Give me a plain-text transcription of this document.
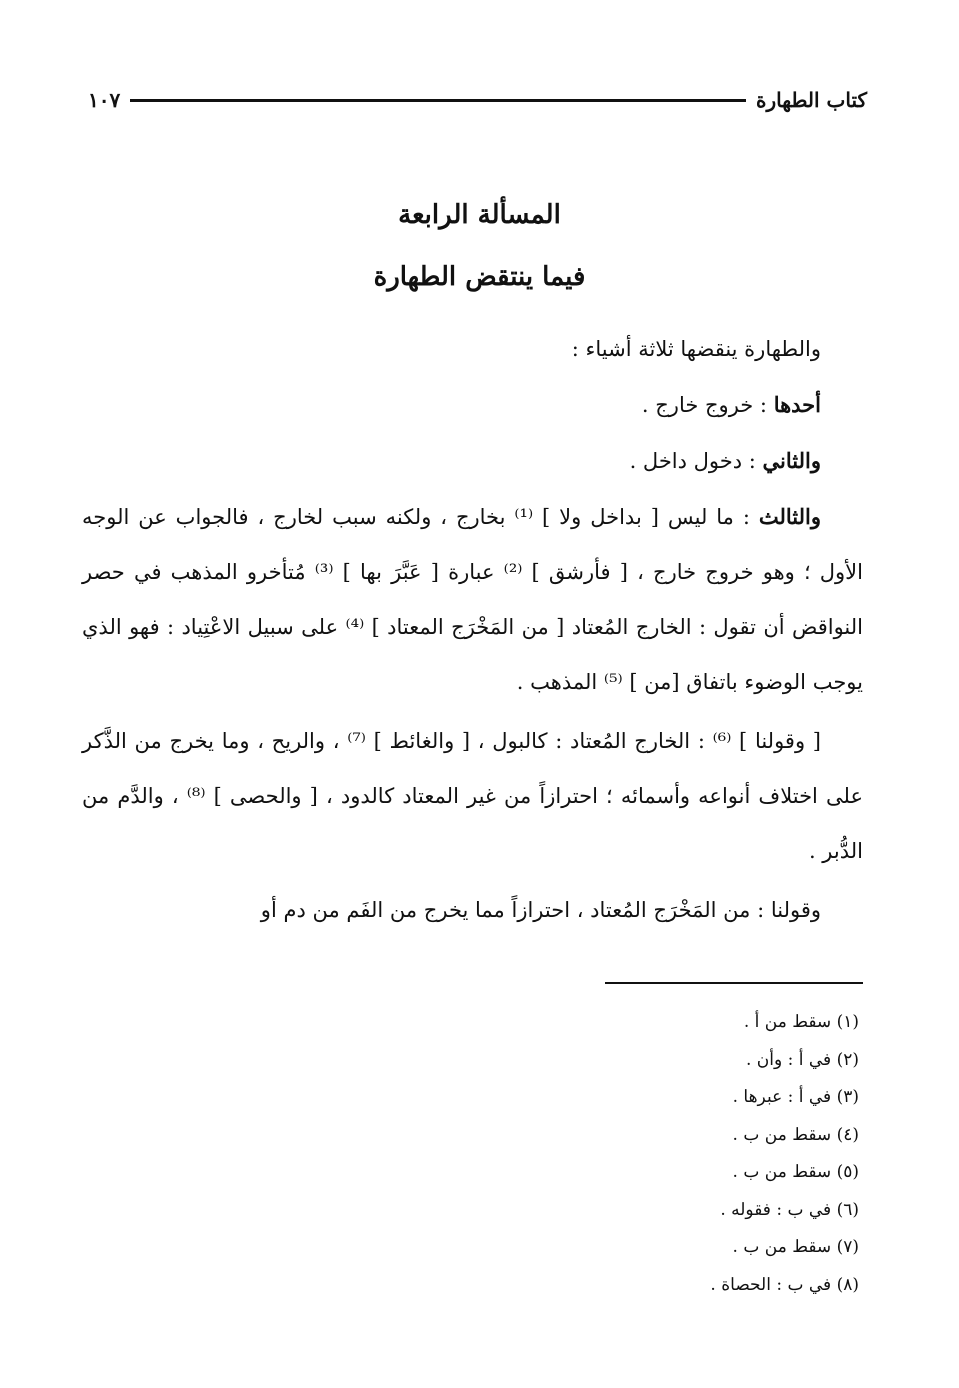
كتاب الطهارة
١٠٧
المسألة الرابعة
فيما ينتقض الطهارة

والطهارة ينقضها ثلاثة أشياء :

أحدها : خروج خارج .

والثاني : دخول داخل .

والثالث : ما ليس [ بداخل ولا ] ⁽¹⁾ بخارج ، ولكنه سبب لخارج ، فالجواب عن الوجه الأول ؛ وهو خروج خارج ، [ فأرشق ] ⁽²⁾ عبارة [ عَبَّرَ بها ] ⁽³⁾ مُتأخرو المذهب في حصر النواقض أن تقول : الخارج المُعتاد [ من المَخْرَج المعتاد ] ⁽⁴⁾ على سبيل الاعْتِياد : فهو الذي يوجب الوضوء باتفاق [من ] ⁽⁵⁾ المذهب .

[ وقولنا ] ⁽⁶⁾ : الخارج المُعتاد : كالبول ، [ والغائط ] ⁽⁷⁾ ، والريح ، وما يخرج من الذَّكر على اختلاف أنواعه وأسمائه ؛ احترازاً من غير المعتاد كالدود ، [ والحصى ] ⁽⁸⁾ ، والدَّم من الدُّبر .

وقولنا : من المَخْرَج المُعتاد ، احترازاً مما يخرج من الفَم من دم أو

(١) سقط من أ .
(٢) في أ : وأن .
(٣) في أ : عبرها .
(٤) سقط من ب .
(٥) سقط من ب .
(٦) في ب : فقوله .
(٧) سقط من ب .
(٨) في ب : الحصاة .
